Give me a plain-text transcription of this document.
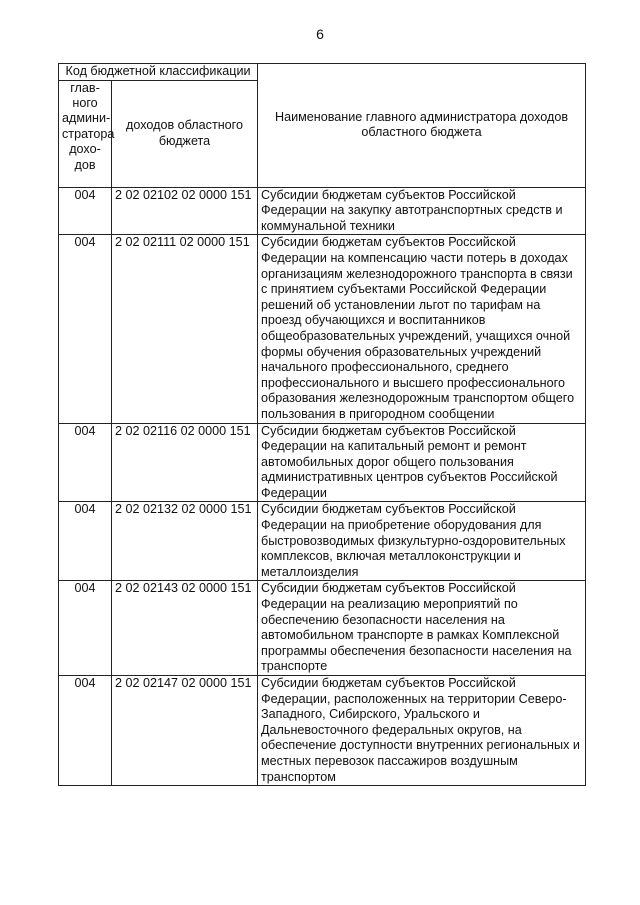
6
Код бюджетной классификации		Наименование главного администратора доходов областного бюджета
глав-ного админи-стратора дохо-дов	доходов областного бюджета	
004	2 02 02102 02 0000 151	Субсидии бюджетам субъектов Российской Федерации на закупку автотранспортных средств и коммунальной техники
004	2 02 02111 02 0000 151	Субсидии бюджетам субъектов Российской Федерации на компенсацию части потерь в доходах организациям железнодорожного транспорта в связи с принятием субъектами Российской Федерации решений об установлении льгот по тарифам на проезд обучающихся и воспитанников общеобразовательных учреждений, учащихся очной формы обучения образовательных учреждений начального профессионального, среднего профессионального и высшего профессионального образования железнодорожным транспортом общего пользования в пригородном сообщении
004	2 02 02116 02 0000 151	Субсидии бюджетам субъектов Российской Федерации на капитальный ремонт и ремонт автомобильных дорог общего пользования административных центров субъектов Российской Федерации
004	2 02 02132 02 0000 151	Субсидии бюджетам субъектов Российской Федерации на приобретение оборудования для быстровозводимых физкультурно-оздоровительных комплексов, включая металлоконструкции и металлоизделия
004	2 02 02143 02 0000 151	Субсидии бюджетам субъектов Российской Федерации на реализацию мероприятий по обеспечению безопасности населения на автомобильном транспорте в рамках Комплексной программы обеспечения безопасности населения на транспорте
004	2 02 02147 02 0000 151	Субсидии бюджетам субъектов Российской Федерации, расположенных на территории Северо-Западного, Сибирского, Уральского и Дальневосточного федеральных округов, на обеспечение доступности внутренних региональных и местных перевозок пассажиров воздушным транспортом
